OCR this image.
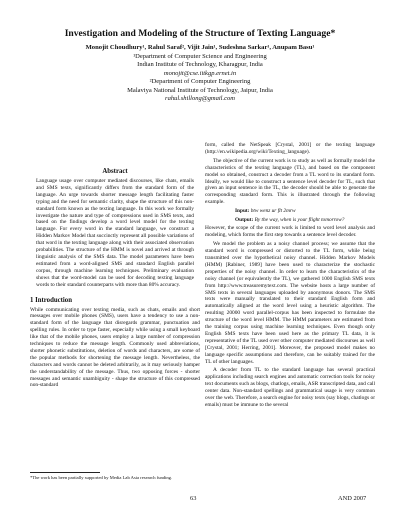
Investigation and Modeling of the Structure of Texting Language*
Monojit Choudhury¹, Rahul Saraf², Vijit Jain¹, Sudeshna Sarkar¹, Anupam Basu¹
¹Department of Computer Science and Engineering
Indian Institute of Technology, Kharagpur, India
monojit@cse.iitkgp.ernet.in
²Department of Computer Engineering
Malaviya National Institute of Technology, Jaipur, India
rahul.shillong@gmail.com
Abstract
Language usage over computer mediated discourses, like chats, emails and SMS texts, significantly differs from the standard form of the language. An urge towards shorter message length facilitating faster typing and the need for semantic clarity, shape the structure of this non-standard form known as the texting language. In this work we formally investigate the nature and type of compressions used in SMS texts, and based on the findings develop a word level model for the texting language. For every word in the standard language, we construct a Hidden Markov Model that succinctly represent all possible variations of that word in the texting language along with their associated observation probabilities. The structure of the HMM is novel and arrived at through linguistic analysis of the SMS data. The model parameters have been estimated from a word-aligned SMS and standard English parallel corpus, through machine learning techniques. Preliminary evaluation shows that the word-model can be used for decoding texting language words to their standard counterparts with more than 80% accuracy.
1 Introduction

While communicating over texting media, such as chats, emails and short messages over mobile phones (SMS), users have a tendency to use a non-standard form of the language that disregards grammar, punctuation and spelling rules. In order to type faster, especially while using a small keyboard like that of the mobile phones, users employ a large number of compression techniques to reduce the message length. Commonly used abbreviations, shorter phonetic substitutions, deletion of words and characters, are some of the popular methods for shortening the message length. Nevertheless, the characters and words cannot be deleted arbitrarily, as it may seriously hamper the understandability of the message. Thus, two opposing forces - shorter messages and semantic unambiguity - shape the structure of this compressed non-standard

*The work has been partially supported by Media Lab Asia research funding.

form, called the NetSpeak [Crystal, 2001] or the texting language (http://en.wikipedia.org/wiki/Texting_language).

The objective of the current work is to study as well as formally model the characteristics of the texting language (TL), and based on the component model so obtained, construct a decoder from a TL word to its standard form. Ideally, we would like to construct a sentence level decoder for TL, such that given an input sentence in the TL, the decoder should be able to generate the corresponding standard form. This is illustrated through the following example.

Input: btw wenz ur flt 2mrw
Output: By the way, when is your flight tomorrow?

However, the scope of the current work is limited to word level analysis and modeling, which forms the first step towards a sentence level decoder.

We model the problem as a noisy channel process; we assume that the standard word is compressed or distorted to the TL form, while being transmitted over the hypothetical noisy channel. Hidden Markov Models (HMM) [Rabiner, 1989] have been used to characterize the stochastic properties of the noisy channel. In order to learn the characteristics of the noisy channel (or equivalently the TL), we gathered 1000 English SMS texts from http://www.treasuremytext.com. The website hosts a large number of SMS texts in several languages uploaded by anonymous donors. The SMS texts were manually translated to their standard English form and automatically aligned at the word level using a heuristic algorithm. The resulting 20000 word parallel-corpus has been inspected to formulate the structure of the word level HMM. The HMM parameters are estimated from the training corpus using machine learning techniques. Even though only English SMS texts have been used here as the primary TL data, it is representative of the TL used over other computer mediated discourses as well [Crystal, 2001; Herring, 2001]. Moreover, the proposed model makes no language specific assumptions and therefore, can be suitably trained for the TL of other languages.

A decoder from TL to the standard language has several practical applications including search engines and automatic correction tools for noisy text documents such as blogs, chatlogs, emails, ASR transcripted data, and call center data. Non-standard spellings and grammatical usage is very common over the web. Therefore, a search engine for noisy texts (say blogs, chatlogs or emails) must be immune to the several

63	AND 2007
